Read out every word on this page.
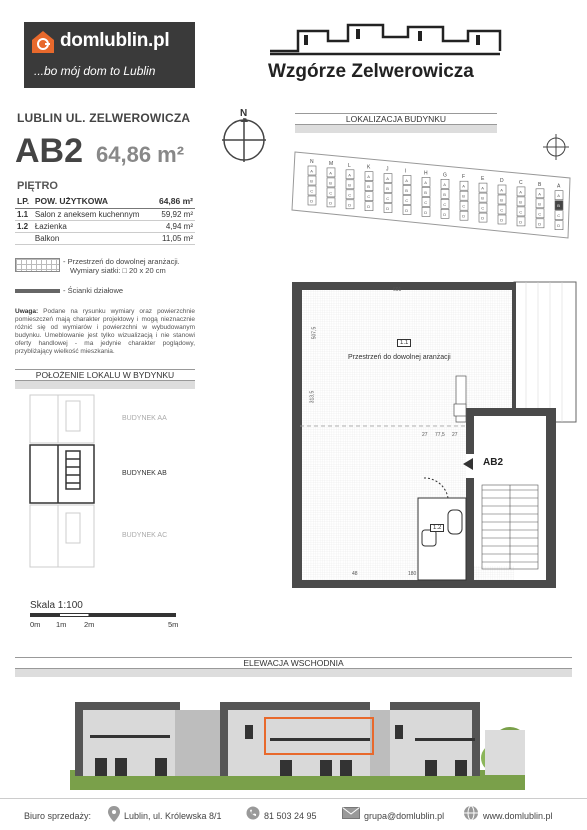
domlublin.pl
...bo mój dom to Lublin	Wzgórze Zelwerowicza
LUBLIN UL. ZELWEROWICZA
AB2 64,86 m²
PIĘTRO
N
LP.	POW. UŻYTKOWA	64,86 m²
1.1	Salon z aneksem kuchennym	59,92 m²
1.2	Łazienka	4,94 m²
	Balkon	11,05 m²
- Przestrzeń do dowolnej aranżacji.
Wymiary siatki: □ 20 x 20 cm
- Ścianki działowe
Uwaga: Podane na rysunku wymiary oraz powierzchnie pomieszczeń mają charakter projektowy i mogą nieznacznie różnić się od wymiarów i powierzchni w wybudowanym budynku. Umeblowanie jest tylko wizualizacją i nie stanowi oferty handlowej - ma jedynie charakter poglądowy, przybliżający wielkość mieszkania.
POŁOŻENIE LOKALU W BYDYNKU
BUDYNEK AA
BUDYNEK AB
BUDYNEK AC
LOKALIZACJA BUDYNKU
N
A
B
C
D
M
A
B
C
D
L
A
B
C
D
K
A
B
C
D
J
A
B
C
D
I
A
B
C
D
H
A
B
C
D
G
A
B
C
D
F
A
B
C
D
E
A
B
C
D
D
A
B
C
D
C
A
B
C
D
B
A
B
C
D
A
A
B
C
D
1.1
Przestrzeń do dowolnej aranżacji
1.2
691
48
507,5
313,5
27 77,5 27
180
AB2
Skala 1:100
0m 1m 2m	5m
ELEWACJA WSCHODNIA
Biuro sprzedaży:	Lublin, ul. Królewska 8/1	81 503 24 95	grupa@domlublin.pl	www.domlublin.pl
